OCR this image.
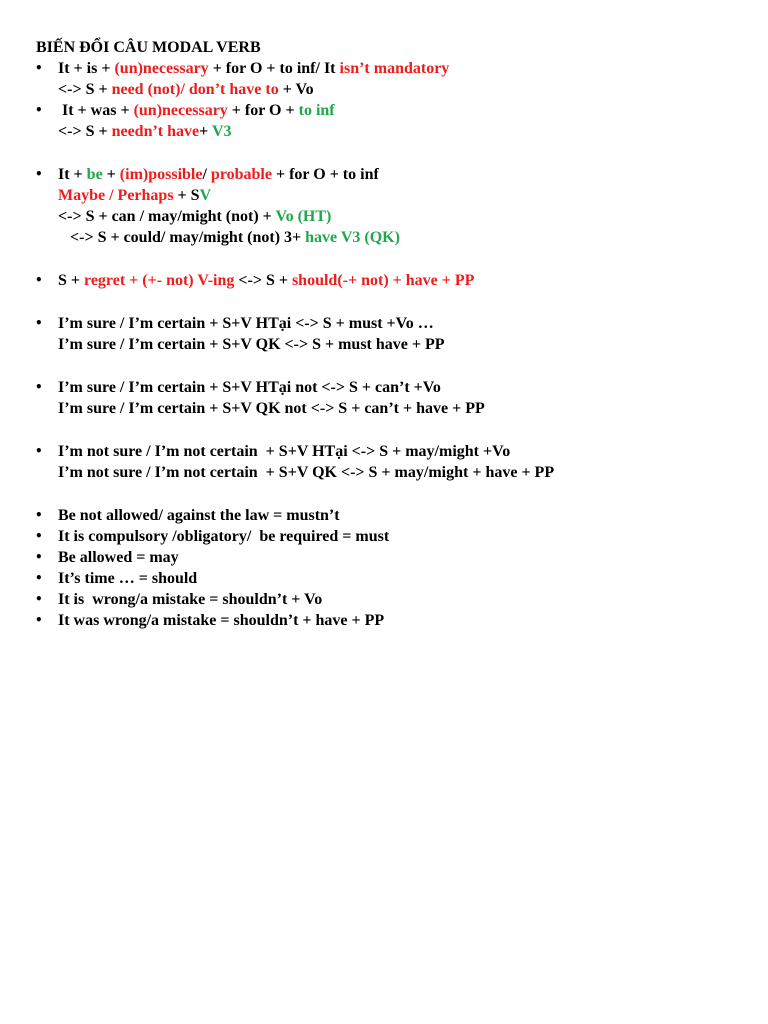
BIẾN ĐỔI CÂU MODAL VERB
• It + is + (un)necessary + for O + to inf/ It isn’t mandatory
<-> S + need (not)/ don’t have to + Vo
• It + was + (un)necessary + for O + to inf
<-> S + needn’t have+ V3
• It + be + (im)possible/ probable + for O + to inf
Maybe / Perhaps + SV
<-> S + can / may/might (not) + Vo (HT)
<-> S + could/ may/might (not) 3+ have V3 (QK)
• S + regret + (+- not) V-ing <-> S + should(-+ not) + have + PP
• I’m sure / I’m certain + S+V HTại <-> S + must +Vo …
I’m sure / I’m certain + S+V QK <-> S + must have + PP
• I’m sure / I’m certain + S+V HTại not <-> S + can’t +Vo
I’m sure / I’m certain + S+V QK not <-> S + can’t + have + PP
• I’m not sure / I’m not certain  + S+V HTại <-> S + may/might +Vo
I’m not sure / I’m not certain  + S+V QK <-> S + may/might + have + PP
• Be not allowed/ against the law = mustn’t
• It is compulsory /obligatory/  be required = must
• Be allowed = may
• It’s time … = should
• It is  wrong/a mistake = shouldn’t + Vo
• It was wrong/a mistake = shouldn’t + have + PP
